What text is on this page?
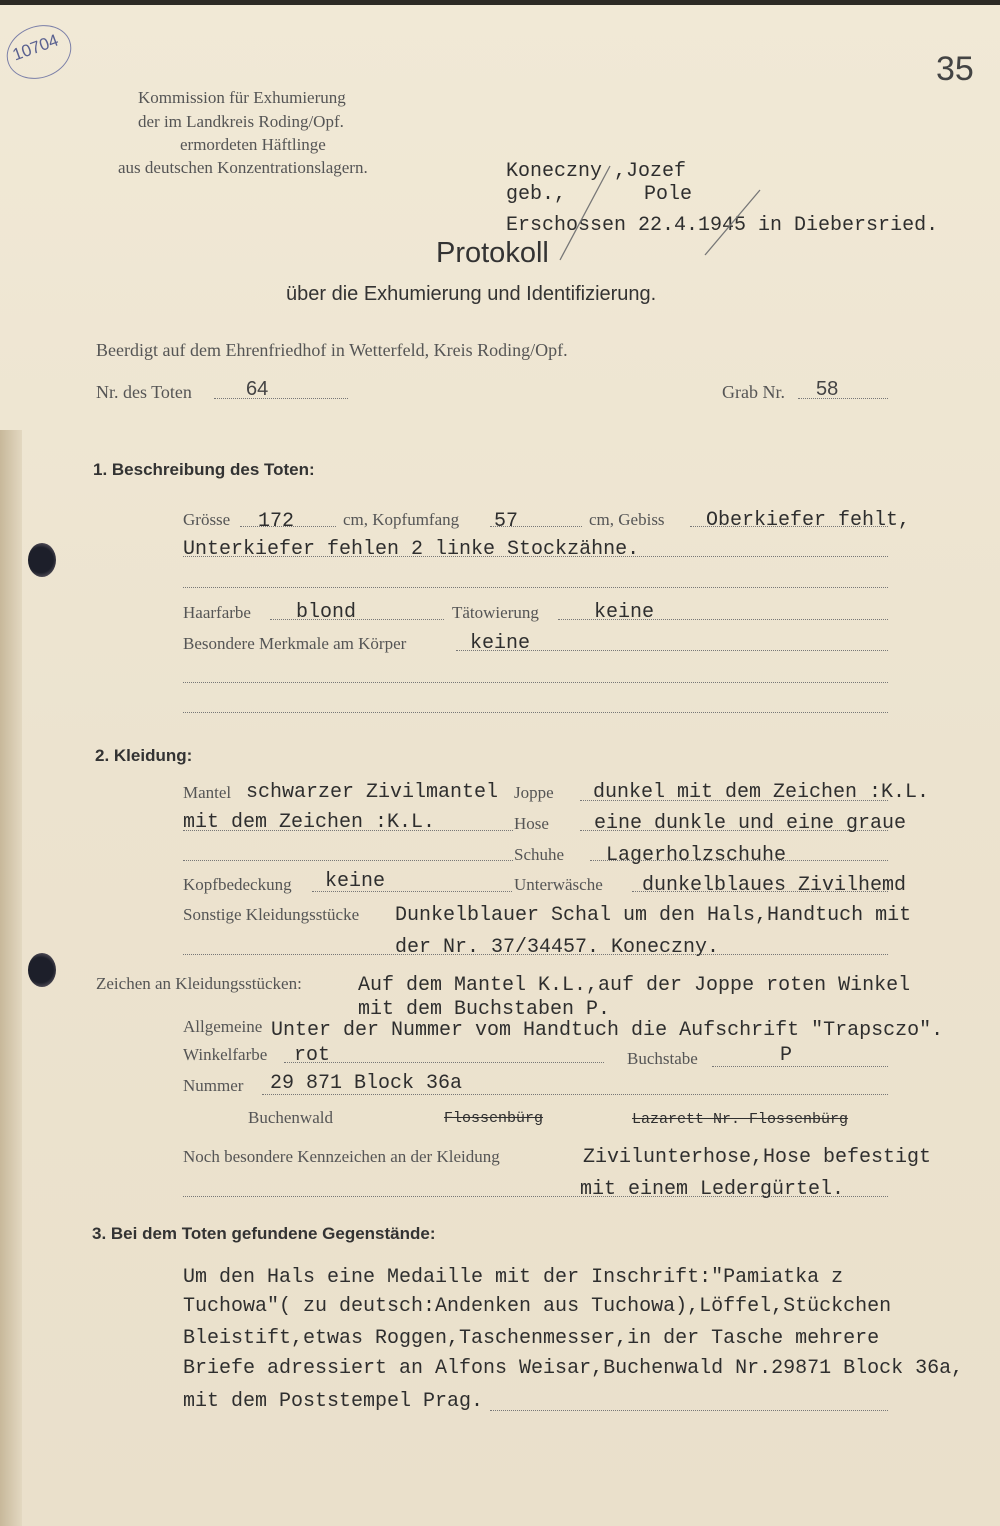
10704
35
Kommission für Exhumierung
der im Landkreis Roding/Opf.
ermordeten Häftlinge
aus deutschen Konzentrationslagern.	Koneczny ,Jozef
geb.,	Pole
Erschossen 22.4.1945 in Diebersried.
Protokoll
über die Exhumierung und Identifizierung.
Beerdigt auf dem Ehrenfriedhof in Wetterfeld, Kreis Roding/Opf.
Nr. des Toten	64	Grab Nr. 58
1. Beschreibung des Toten:
Grösse 172	cm, Kopfumfang 57	cm, Gebiss Oberkiefer fehlt,
Unterkiefer fehlen 2 linke Stockzähne.
Haarfarbe blond	Tätowierung	keine
Besondere Merkmale am Körper	keine
2. Kleidung:
Mantel schwarzer Zivilmantel Joppe dunkel mit dem Zeichen :K.L.
mit dem Zeichen :K.L.	Hose eine dunkle und eine graue
Schuhe Lagerholzschuhe
Kopfbedeckung keine	Unterwäsche dunkelblaues Zivilhemd
Sonstige Kleidungsstücke Dunkelblauer Schal um den Hals,Handtuch mit
der Nr. 37/34457. Koneczny.
Zeichen an Kleidungsstücken:	Auf dem Mantel K.L.,auf der Joppe roten Winkel
mit dem Buchstaben P.
Allgemeine Unter der Nummer vom Handtuch die Aufschrift "Trapsczo".
Winkelfarbe rot	Buchstabe	P
Nummer 29 871 Block 36a
Buchenwald	Flossenbürg	Lazarett Nr. Flossenbürg
Noch besondere Kennzeichen an der Kleidung	Zivilunterhose,Hose befestigt
mit einem Ledergürtel.
3. Bei dem Toten gefundene Gegenstände:
Um den Hals eine Medaille mit der Inschrift:"Pamiatka z
Tuchowa"( zu deutsch:Andenken aus Tuchowa),Löffel,Stückchen
Bleistift,etwas Roggen,Taschenmesser,in der Tasche mehrere
Briefe adressiert an Alfons Weisar,Buchenwald Nr.29871 Block 36a,
mit dem Poststempel Prag.
